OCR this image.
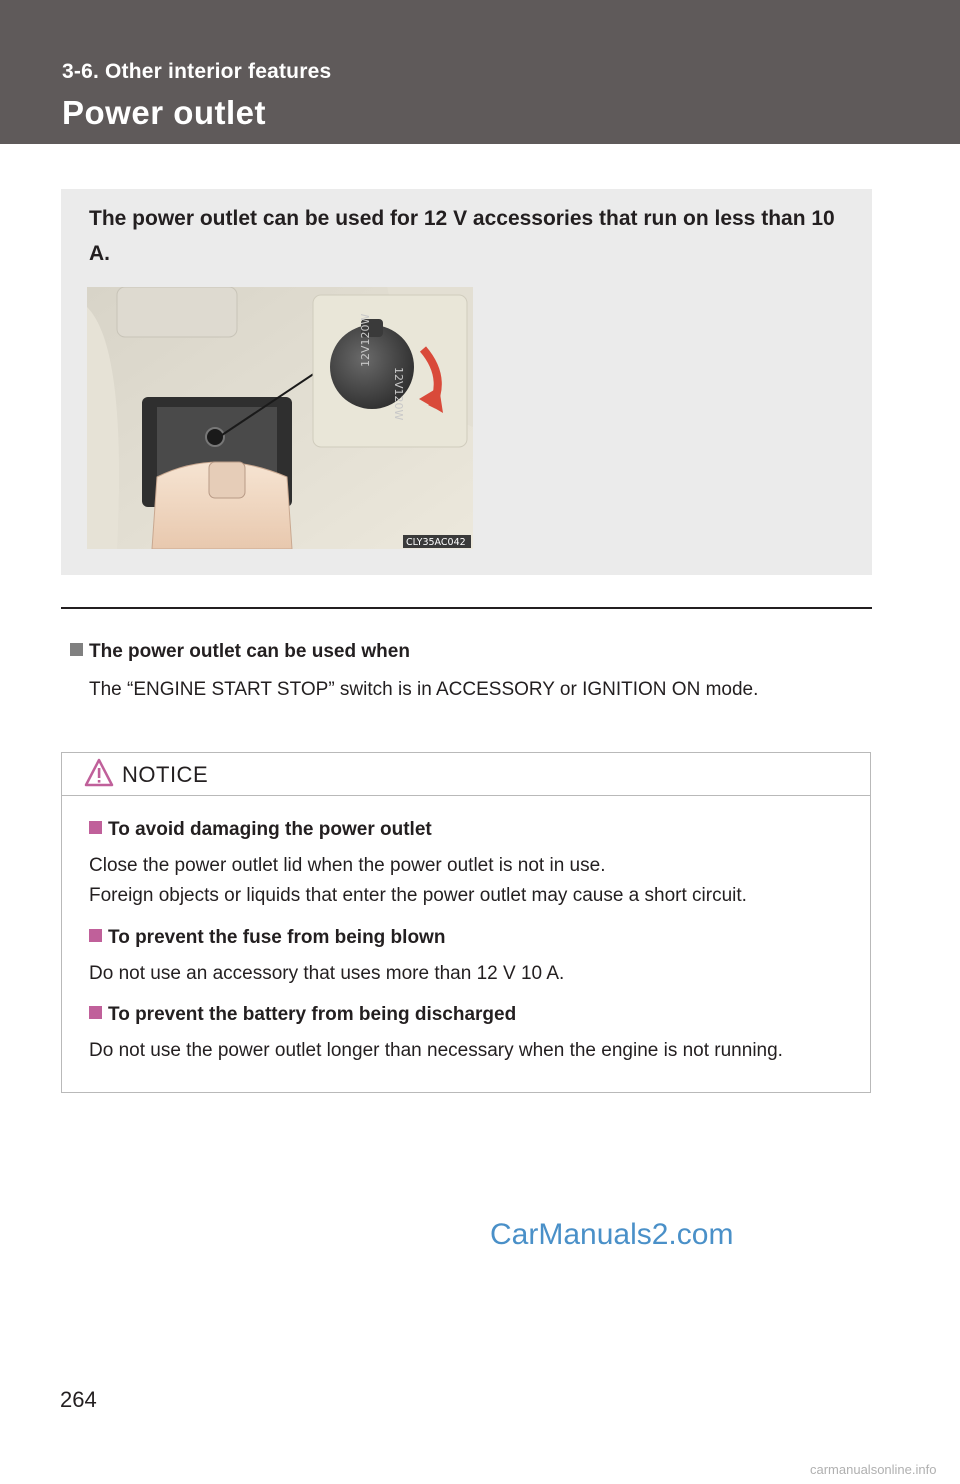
3-6. Other interior features
Power outlet
The power outlet can be used for 12 V accessories that run on less than 10 A.
12V120W
12V120W
CLY35AC042
The power outlet can be used when
The “ENGINE START STOP” switch is in ACCESSORY or IGNITION ON mode.
NOTICE
To avoid damaging the power outlet
Close the power outlet lid when the power outlet is not in use.
Foreign objects or liquids that enter the power outlet may cause a short circuit.
To prevent the fuse from being blown
Do not use an accessory that uses more than 12 V 10 A.
To prevent the battery from being discharged
Do not use the power outlet longer than necessary when the engine is not running.
CarManuals2.com
264
carmanualsonline.info
